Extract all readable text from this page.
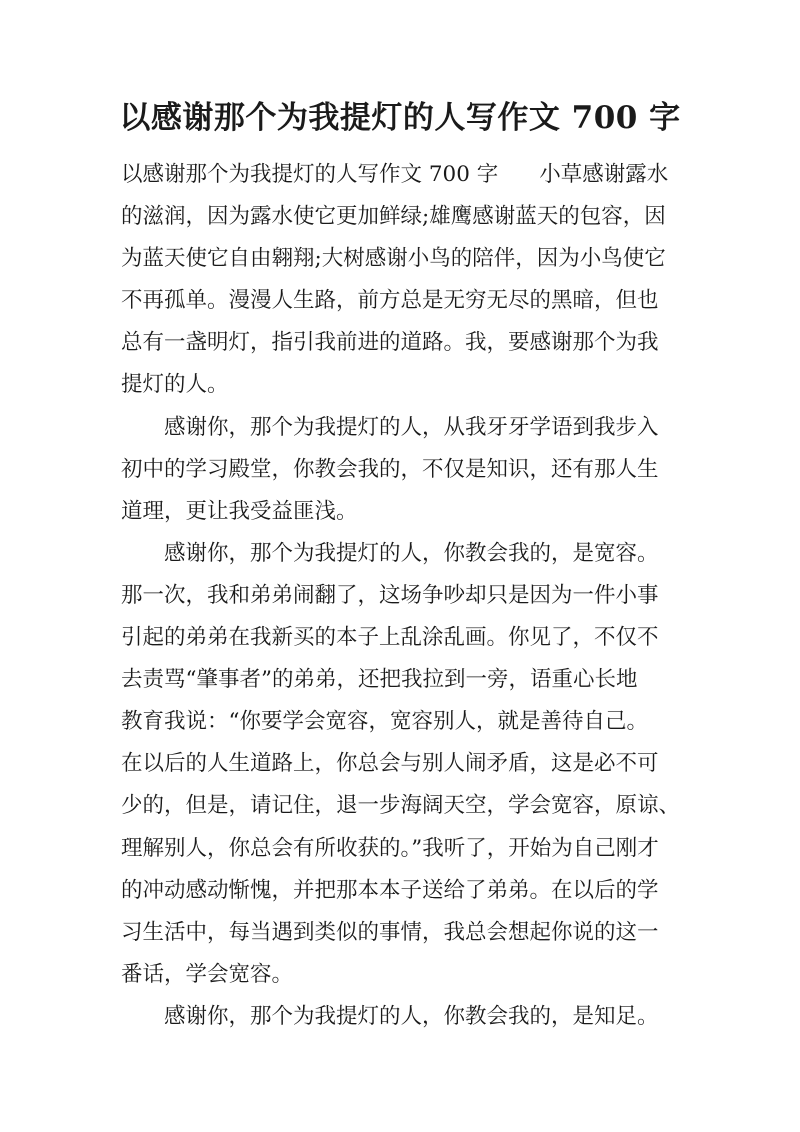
以感谢那个为我提灯的人写作文 700 字
以感谢那个为我提灯的人写作文 700 字      小草感谢露水
的滋润，因为露水使它更加鲜绿;雄鹰感谢蓝天的包容，因
为蓝天使它自由翱翔;大树感谢小鸟的陪伴，因为小鸟使它
不再孤单。漫漫人生路，前方总是无穷无尽的黑暗，但也
总有一盏明灯，指引我前进的道路。我，要感谢那个为我
提灯的人。
感谢你，那个为我提灯的人，从我牙牙学语到我步入
初中的学习殿堂，你教会我的，不仅是知识，还有那人生
道理，更让我受益匪浅。
感谢你，那个为我提灯的人，你教会我的，是宽容。
那一次，我和弟弟闹翻了，这场争吵却只是因为一件小事
引起的弟弟在我新买的本子上乱涂乱画。你见了，不仅不
去责骂“肇事者”的弟弟，还把我拉到一旁，语重心长地
教育我说：“你要学会宽容，宽容别人，就是善待自己。
在以后的人生道路上，你总会与别人闹矛盾，这是必不可
少的，但是，请记住，退一步海阔天空，学会宽容，原谅、
理解别人，你总会有所收获的。”我听了，开始为自己刚才
的冲动感动惭愧，并把那本本子送给了弟弟。在以后的学
习生活中，每当遇到类似的事情，我总会想起你说的这一
番话，学会宽容。
感谢你，那个为我提灯的人，你教会我的，是知足。
